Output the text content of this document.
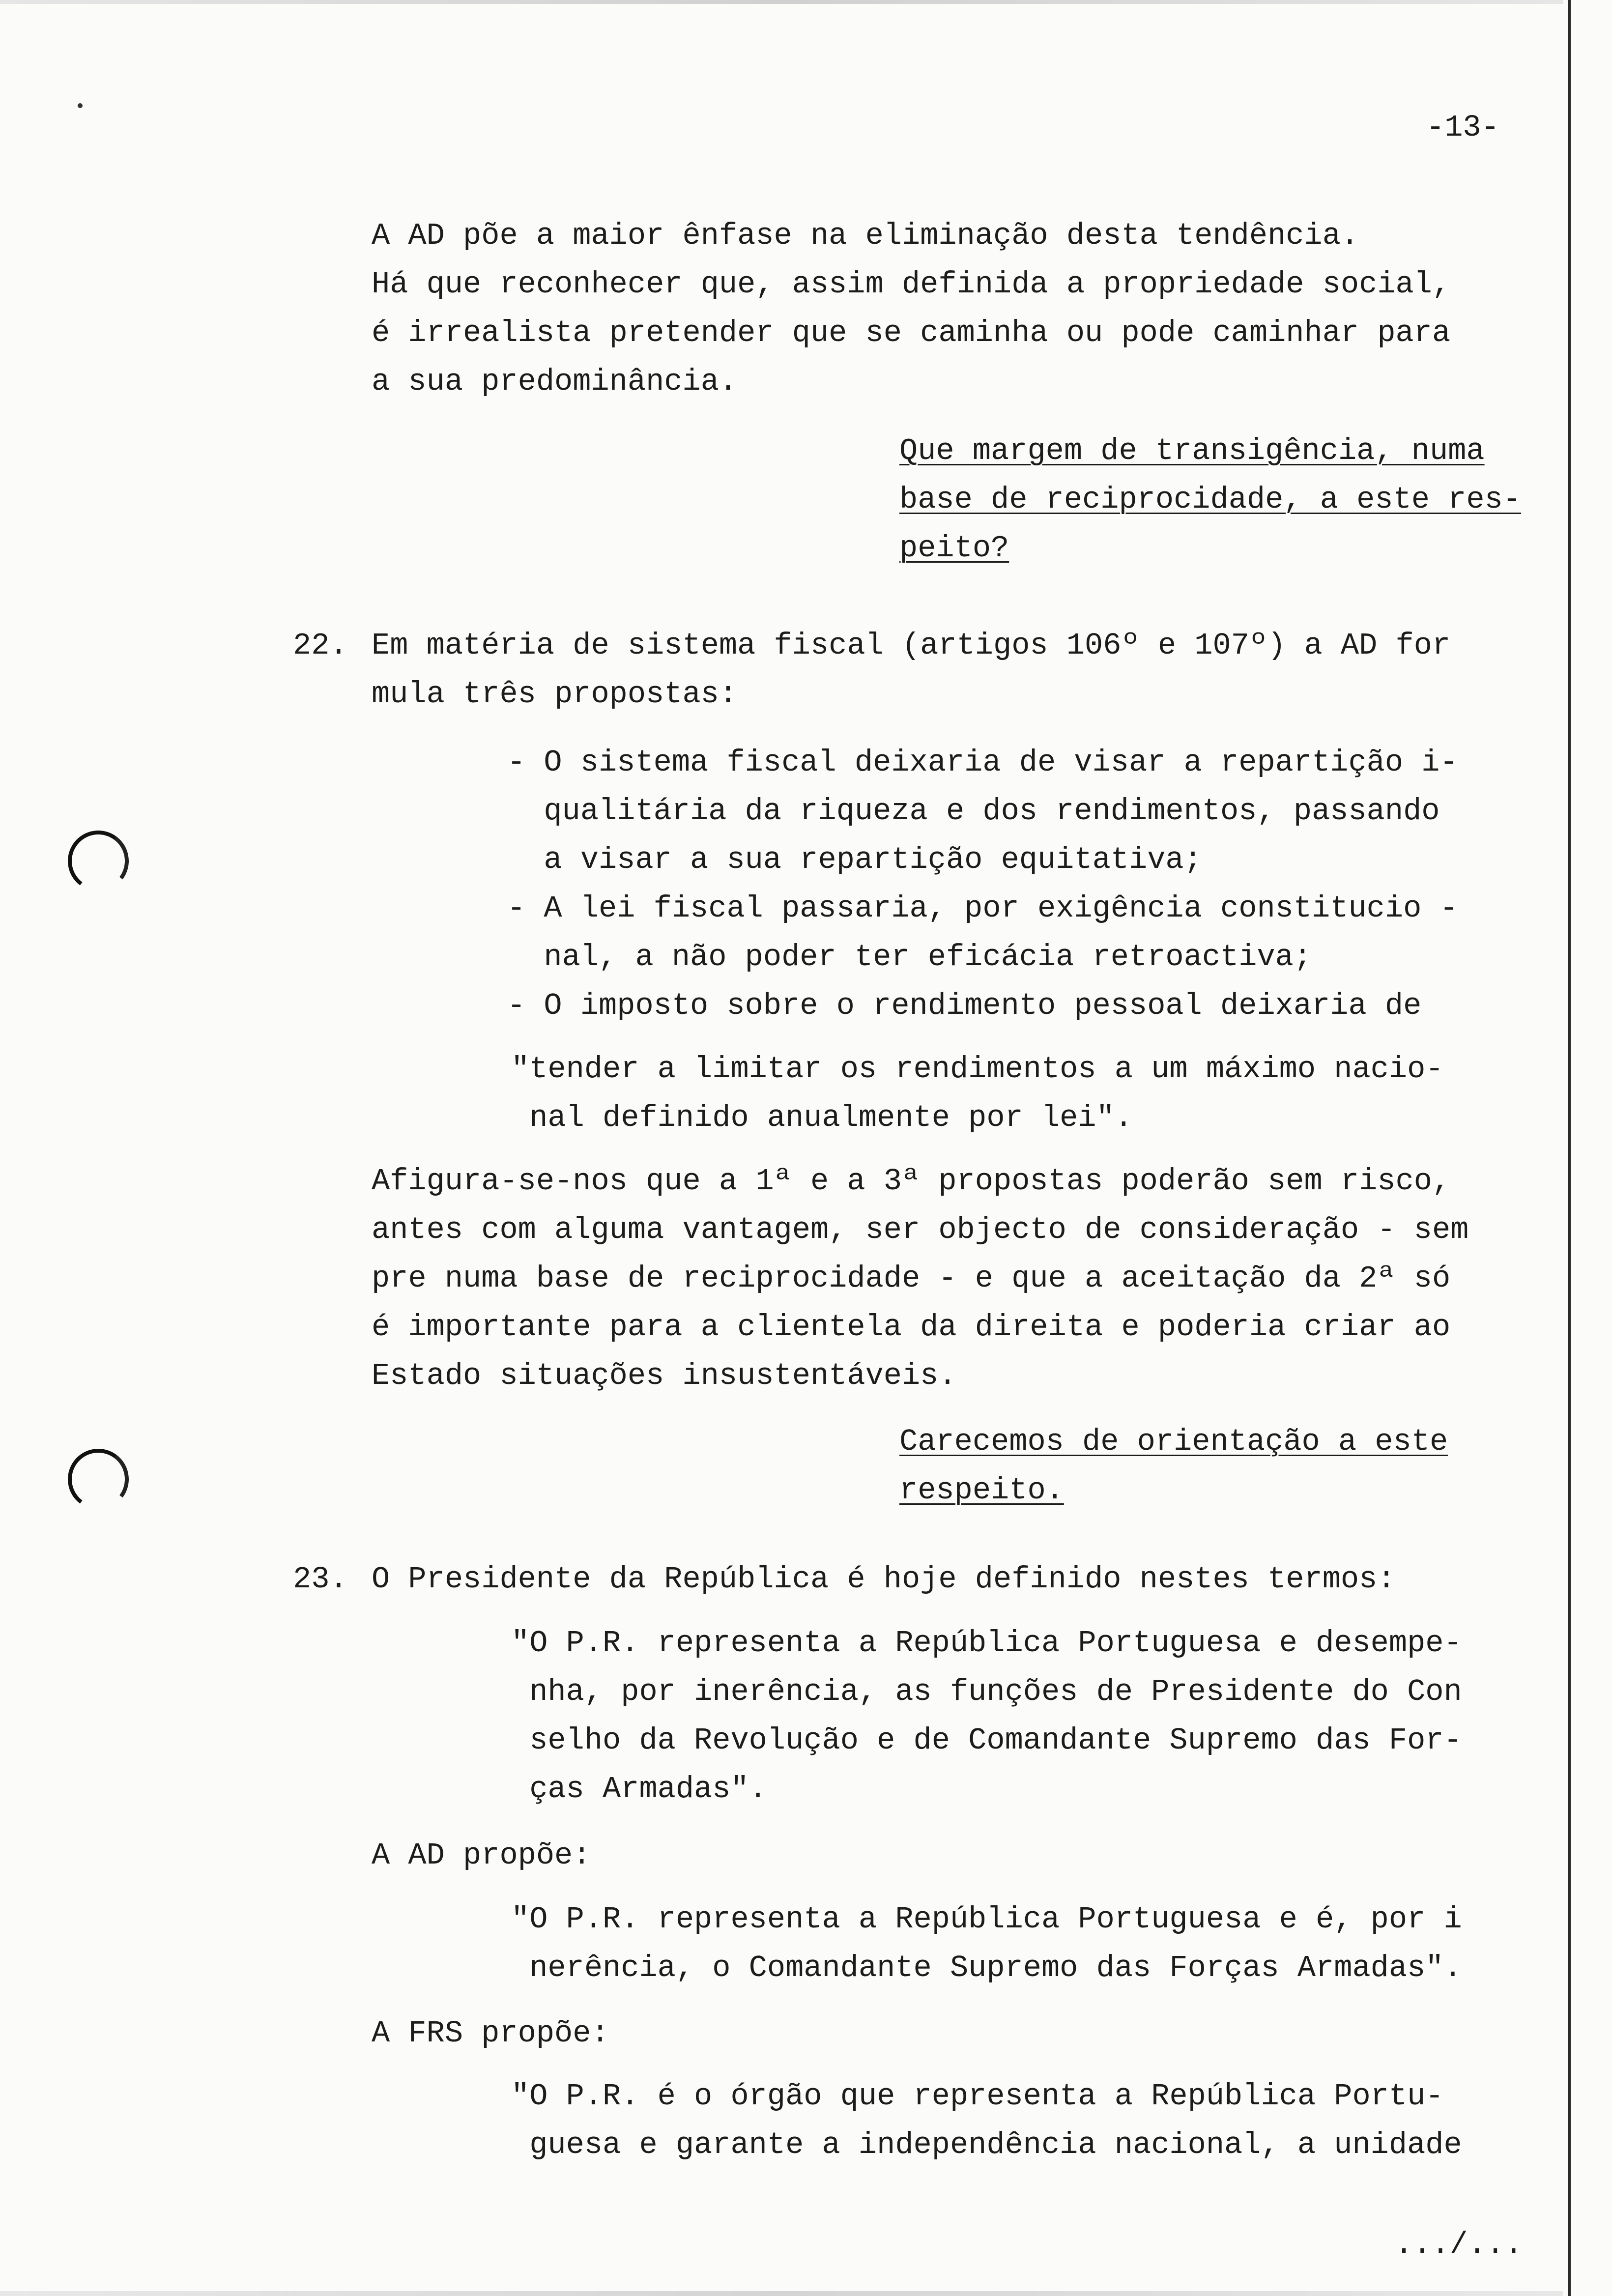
-13-
A AD põe a maior ênfase na eliminação desta tendência.
Há que reconhecer que, assim definida a propriedade social,
é irrealista pretender que se caminha ou pode caminhar para
a sua predominância.
Que margem de transigência, numa
base de reciprocidade, a este res-
peito?
22. Em matéria de sistema fiscal (artigos 106º e 107º) a AD for
mula três propostas:
- O sistema fiscal deixaria de visar a repartição i-
qualitária da riqueza e dos rendimentos, passando
a visar a sua repartição equitativa;
- A lei fiscal passaria, por exigência constitucio -
nal, a não poder ter eficácia retroactiva;
- O imposto sobre o rendimento pessoal deixaria de
"tender a limitar os rendimentos a um máximo nacio-
nal definido anualmente por lei".
Afigura-se-nos que a 1ª e a 3ª propostas poderão sem risco,
antes com alguma vantagem, ser objecto de consideração - sem
pre numa base de reciprocidade - e que a aceitação da 2ª só
é importante para a clientela da direita e poderia criar ao
Estado situações insustentáveis.
Carecemos de orientação a este
respeito.
23. O Presidente da República é hoje definido nestes termos:
"O P.R. representa a República Portuguesa e desempe-
nha, por inerência, as funções de Presidente do Con
selho da Revolução e de Comandante Supremo das For-
ças Armadas".
A AD propõe:
"O P.R. representa a República Portuguesa e é, por i
nerência, o Comandante Supremo das Forças Armadas".
A FRS propõe:
"O P.R. é o órgão que representa a República Portu-
guesa e garante a independência nacional, a unidade
.../...
